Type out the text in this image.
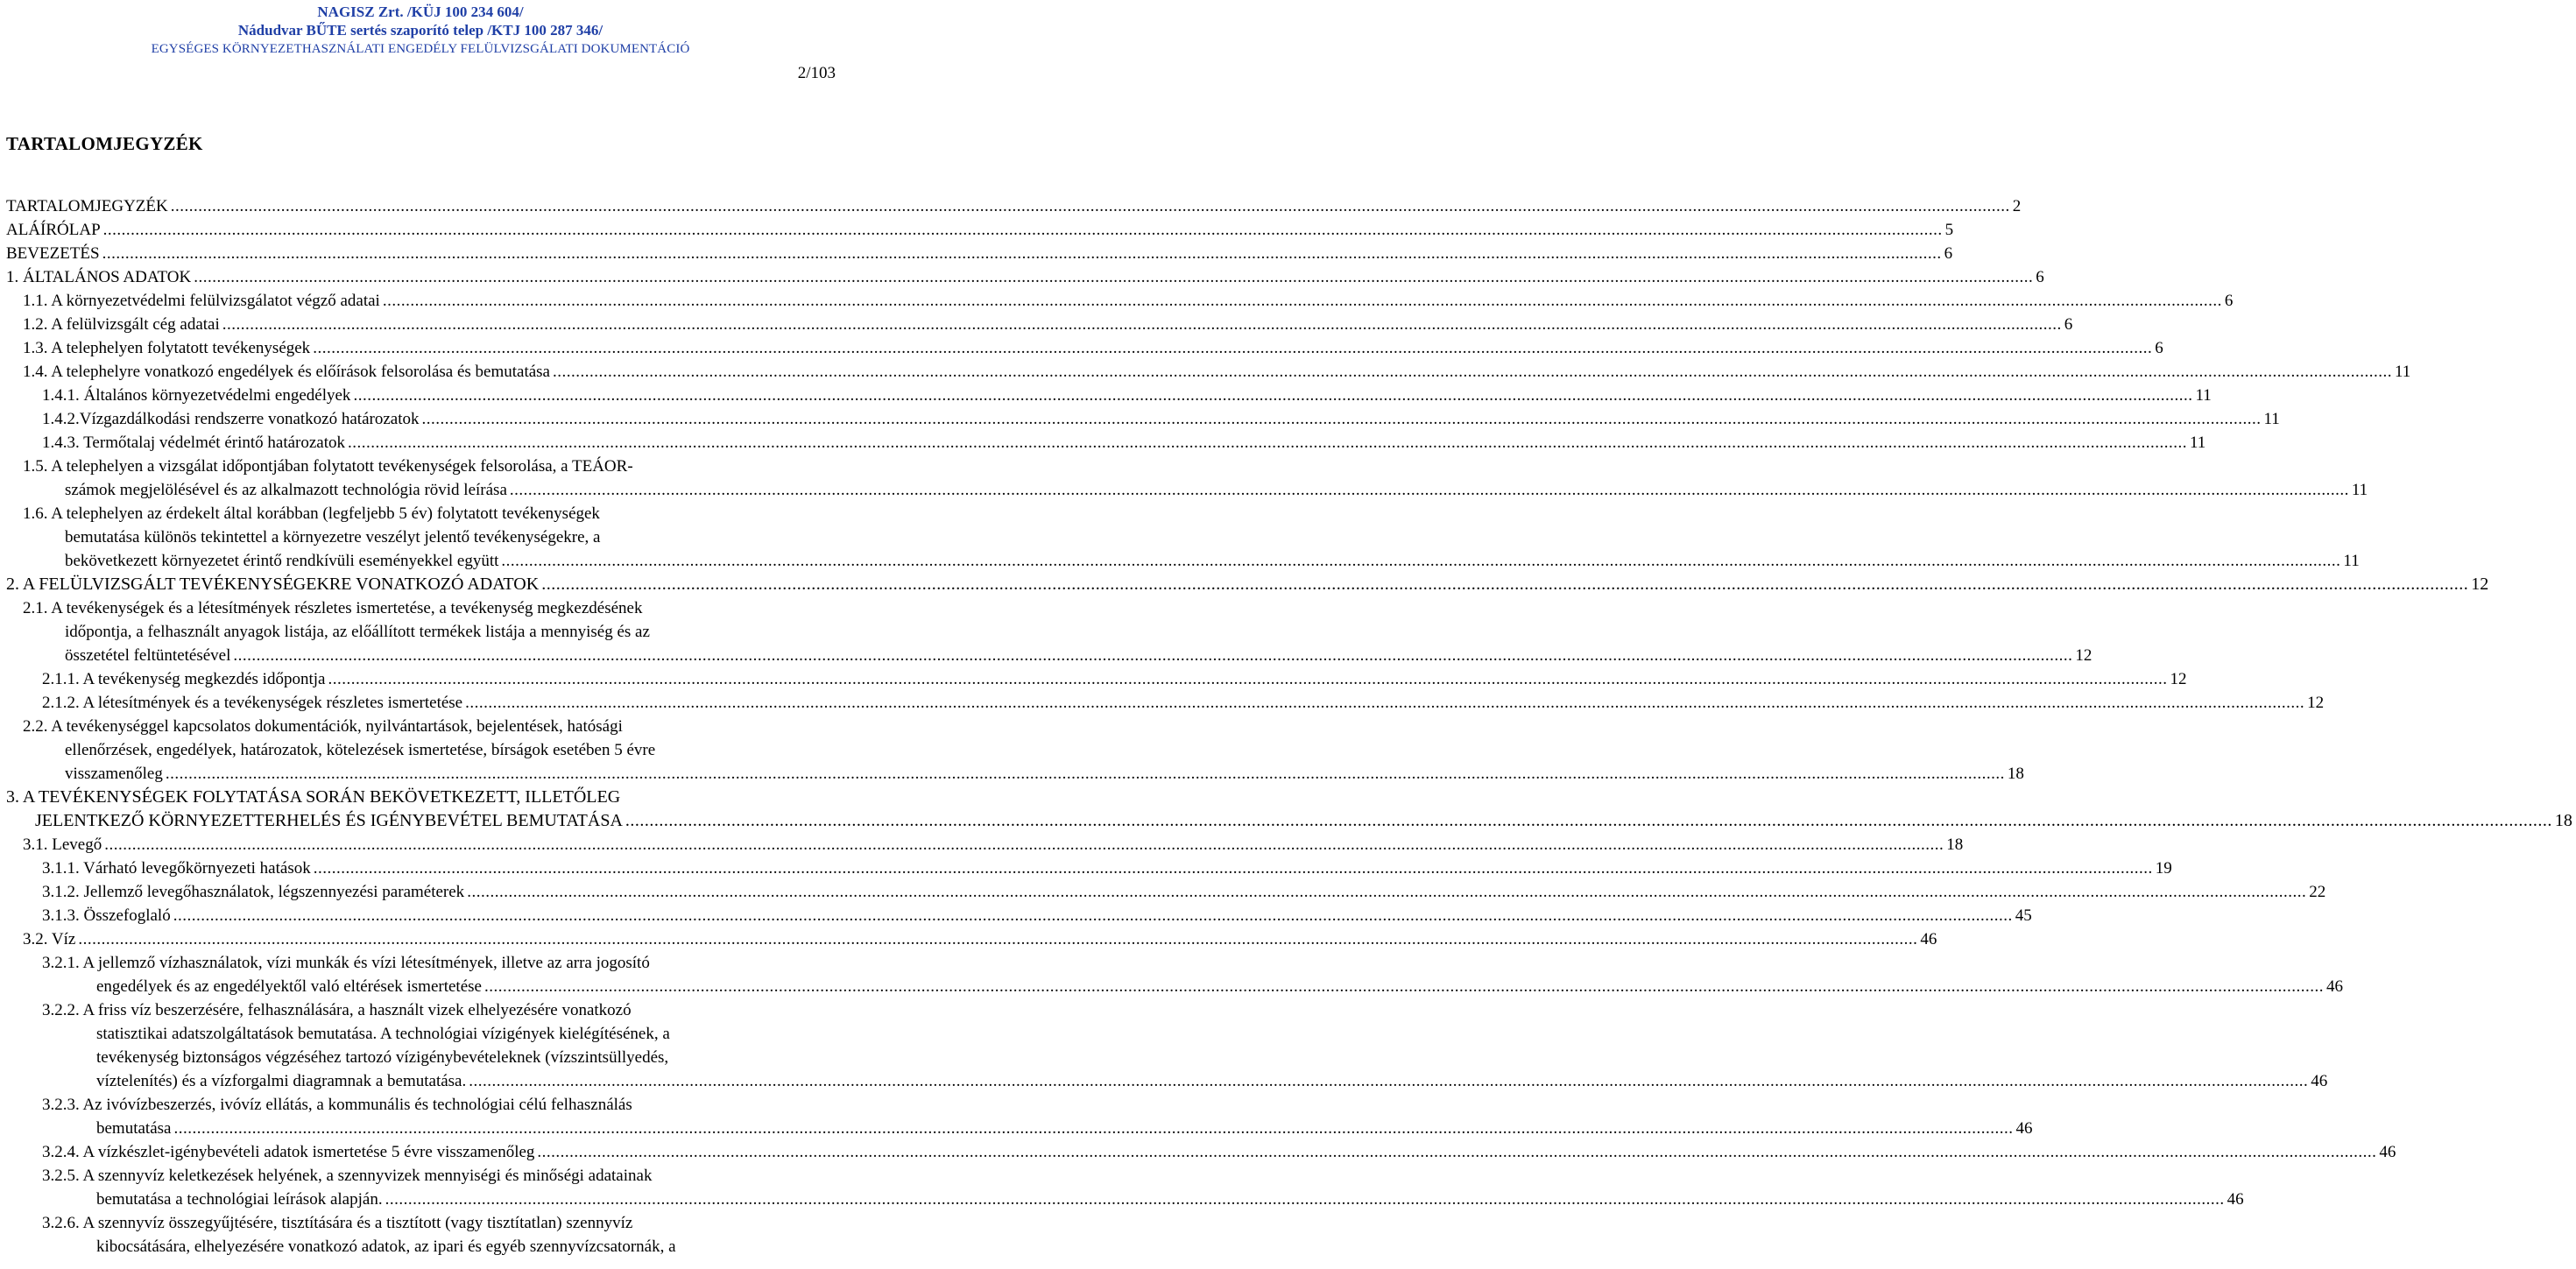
NAGISZ Zrt. /KÜJ 100 234 604/
Nádudvar BŰTE sertés szaporító telep /KTJ 100 287 346/
EGYSÉGES KÖRNYEZETHASZNÁLATI ENGEDÉLY FELÜLVIZSGÁLATI DOKUMENTÁCIÓ
2/103
TARTALOMJEGYZÉK
TARTALOMJEGYZÉK ................................................................................................................................................................................................................................................................................................................................................................................................................ 2
ALÁÍRÓLAP ................................................................................................................................................................................................................................................................................................................................................................................................................ 5
BEVEZETÉS ................................................................................................................................................................................................................................................................................................................................................................................................................ 6
1. ÁLTALÁNOS ADATOK ................................................................................................................................................................................................................................................................................................................................................................................................................ 6
1.1. A környezetvédelmi felülvizsgálatot végző adatai ................................................................................................................................................................................................................................................................................................................................................................................................................ 6
1.2. A felülvizsgált cég adatai ................................................................................................................................................................................................................................................................................................................................................................................................................ 6
1.3. A telephelyen folytatott tevékenységek ................................................................................................................................................................................................................................................................................................................................................................................................................ 6
1.4. A telephelyre vonatkozó engedélyek és előírások felsorolása és bemutatása ................................................................................................................................................................................................................................................................................................................................................................................................................ 11
1.4.1. Általános környezetvédelmi engedélyek ................................................................................................................................................................................................................................................................................................................................................................................................................ 11
1.4.2.Vízgazdálkodási rendszerre vonatkozó határozatok ................................................................................................................................................................................................................................................................................................................................................................................................................ 11
1.4.3. Termőtalaj védelmét érintő határozatok ................................................................................................................................................................................................................................................................................................................................................................................................................ 11
1.5. A telephelyen a vizsgálat időpontjában folytatott tevékenységek felsorolása, a TEÁOR-
számok megjelölésével és az alkalmazott technológia rövid leírása ................................................................................................................................................................................................................................................................................................................................................................................................................ 11
1.6. A telephelyen az érdekelt által korábban (legfeljebb 5 év) folytatott tevékenységek
bemutatása különös tekintettel a környezetre veszélyt jelentő tevékenységekre, a
bekövetkezett környezetet érintő rendkívüli eseményekkel együtt ................................................................................................................................................................................................................................................................................................................................................................................................................ 11
2. A FELÜLVIZSGÁLT TEVÉKENYSÉGEKRE VONATKOZÓ ADATOK ................................................................................................................................................................................................................................................................................................................................................................................................................ 12
2.1. A tevékenységek és a létesítmények részletes ismertetése, a tevékenység megkezdésének
időpontja, a felhasznált anyagok listája, az előállított termékek listája a mennyiség és az
összetétel feltüntetésével ................................................................................................................................................................................................................................................................................................................................................................................................................ 12
2.1.1. A tevékenység megkezdés időpontja ................................................................................................................................................................................................................................................................................................................................................................................................................ 12
2.1.2. A létesítmények és a tevékenységek részletes ismertetése ................................................................................................................................................................................................................................................................................................................................................................................................................ 12
2.2. A tevékenységgel kapcsolatos dokumentációk, nyilvántartások, bejelentések, hatósági
ellenőrzések, engedélyek, határozatok, kötelezések ismertetése, bírságok esetében 5 évre
visszamenőleg ................................................................................................................................................................................................................................................................................................................................................................................................................ 18
3. A TEVÉKENYSÉGEK FOLYTATÁSA SORÁN BEKÖVETKEZETT, ILLETŐLEG
JELENTKEZŐ KÖRNYEZETTERHELÉS ÉS IGÉNYBEVÉTEL BEMUTATÁSA ................................................................................................................................................................................................................................................................................................................................................................................................................ 18
3.1. Levegő ................................................................................................................................................................................................................................................................................................................................................................................................................ 18
3.1.1. Várható levegőkörnyezeti hatások ................................................................................................................................................................................................................................................................................................................................................................................................................ 19
3.1.2. Jellemző levegőhasználatok, légszennyezési paraméterek ................................................................................................................................................................................................................................................................................................................................................................................................................ 22
3.1.3. Összefoglaló ................................................................................................................................................................................................................................................................................................................................................................................................................ 45
3.2. Víz ................................................................................................................................................................................................................................................................................................................................................................................................................ 46
3.2.1. A jellemző vízhasználatok, vízi munkák és vízi létesítmények, illetve az arra jogosító
engedélyek és az engedélyektől való eltérések ismertetése ................................................................................................................................................................................................................................................................................................................................................................................................................ 46
3.2.2. A friss víz beszerzésére, felhasználására, a használt vizek elhelyezésére vonatkozó
statisztikai adatszolgáltatások bemutatása. A technológiai vízigények kielégítésének, a
tevékenység biztonságos végzéséhez tartozó vízigénybevételeknek (vízszintsüllyedés,
víztelenítés) és a vízforgalmi diagramnak a bemutatása. ................................................................................................................................................................................................................................................................................................................................................................................................................ 46
3.2.3. Az ivóvízbeszerzés, ivóvíz ellátás, a kommunális és technológiai célú felhasználás
bemutatása ................................................................................................................................................................................................................................................................................................................................................................................................................ 46
3.2.4. A vízkészlet-igénybevételi adatok ismertetése 5 évre visszamenőleg ................................................................................................................................................................................................................................................................................................................................................................................................................ 46
3.2.5. A szennyvíz keletkezések helyének, a szennyvizek mennyiségi és minőségi adatainak
bemutatása a technológiai leírások alapján. ................................................................................................................................................................................................................................................................................................................................................................................................................ 46
3.2.6. A szennyvíz összegyűjtésére, tisztítására és a tisztított (vagy tisztítatlan) szennyvíz
kibocsátására, elhelyezésére vonatkozó adatok, az ipari és egyéb szennyvízcsatornák, a
